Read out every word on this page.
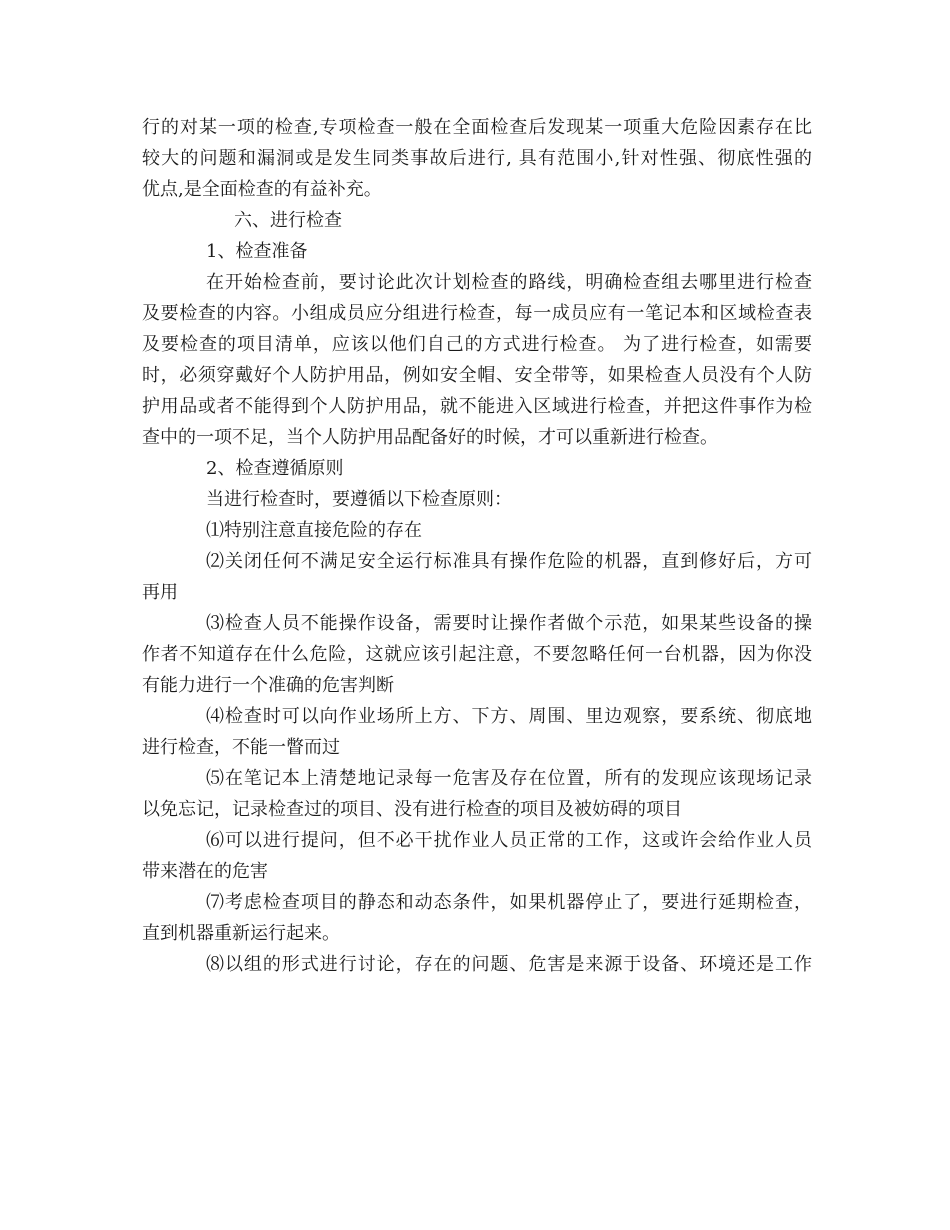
行的对某一项的检查,专项检查一般在全面检查后发现某一项重大危险因素存在比
较大的问题和漏洞或是发生同类事故后进行, 具有范围小,针对性强、彻底性强的
优点,是全面检查的有益补充。
六、进行检查
1、检查准备
在开始检查前，要讨论此次计划检查的路线，明确检查组去哪里进行检查
及要检查的内容。小组成员应分组进行检查，每一成员应有一笔记本和区域检查表
及要检查的项目清单，应该以他们自己的方式进行检查。 为了进行检查，如需要
时，必须穿戴好个人防护用品，例如安全帽、安全带等，如果检查人员没有个人防
护用品或者不能得到个人防护用品，就不能进入区域进行检查，并把这件事作为检
查中的一项不足，当个人防护用品配备好的时候，才可以重新进行检查。
2、检查遵循原则
当进行检查时，要遵循以下检查原则：
⑴特别注意直接危险的存在
⑵关闭任何不满足安全运行标准具有操作危险的机器，直到修好后，方可
再用
⑶检查人员不能操作设备，需要时让操作者做个示范，如果某些设备的操
作者不知道存在什么危险，这就应该引起注意，不要忽略任何一台机器，因为你没
有能力进行一个准确的危害判断
⑷检查时可以向作业场所上方、下方、周围、里边观察，要系统、彻底地
进行检查，不能一瞥而过
⑸在笔记本上清楚地记录每一危害及存在位置，所有的发现应该现场记录
以免忘记，记录检查过的项目、没有进行检查的项目及被妨碍的项目
⑹可以进行提问，但不必干扰作业人员正常的工作，这或许会给作业人员
带来潜在的危害
⑺考虑检查项目的静态和动态条件，如果机器停止了，要进行延期检查，
直到机器重新运行起来。
⑻以组的形式进行讨论，存在的问题、危害是来源于设备、环境还是工作
